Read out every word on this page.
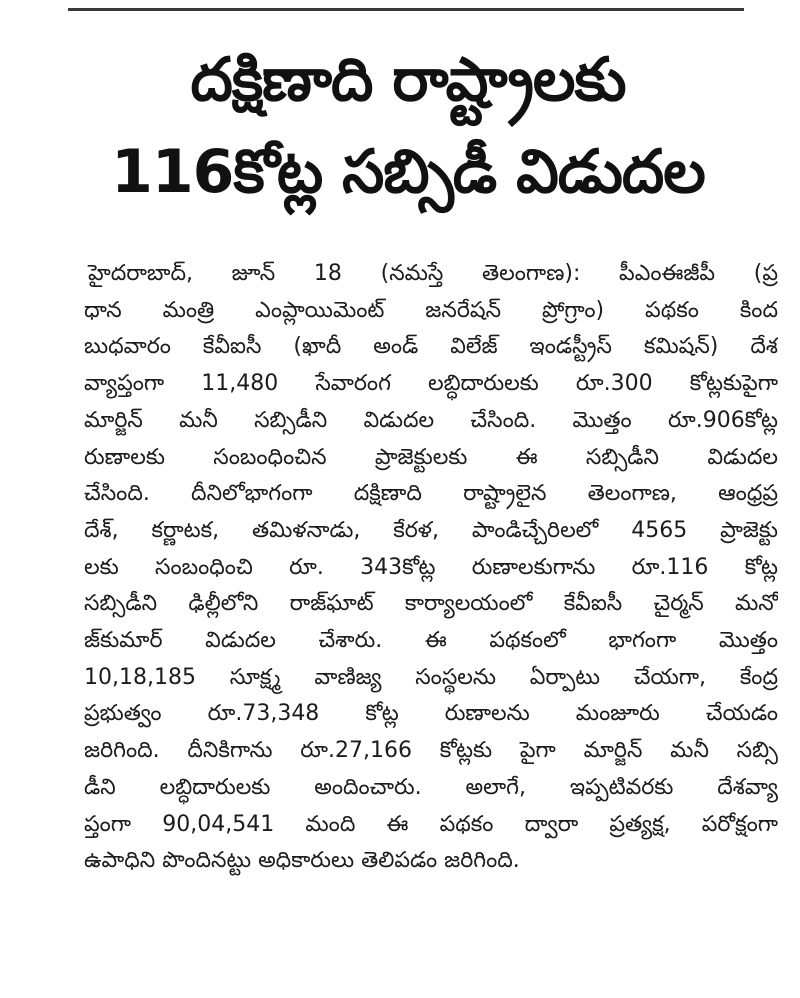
దక్షిణాది రాష్ట్రాలకు
116కోట్ల సబ్సిడీ విడుదల
హైదరాబాద్, జూన్ 18 (నమస్తే తెలంగాణ): పీఎంఈజీపీ (ప్ర
ధాన మంత్రి ఎంప్లాయిమెంట్ జనరేషన్ ప్రోగ్రాం) పథకం కింద
బుధవారం కేవీఐసీ (ఖాదీ అండ్ విలేజ్ ఇండస్ట్రీస్ కమిషన్) దేశ
వ్యాప్తంగా 11,480 సేవారంగ లబ్ధిదారులకు రూ.300 కోట్లకుపైగా
మార్జిన్ మనీ సబ్సిడీని విడుదల చేసింది. మొత్తం రూ.906కోట్ల
రుణాలకు సంబంధించిన ప్రాజెక్టులకు ఈ సబ్సిడీని విడుదల
చేసింది. దీనిలోభాగంగా దక్షిణాది రాష్ట్రాలైన తెలంగాణ, ఆంధ్రప్ర
దేశ్, కర్ణాటక, తమిళనాడు, కేరళ, పాండిచ్చేరిలలో 4565 ప్రాజెక్టు
లకు సంబంధించి రూ. 343కోట్ల రుణాలకుగాను రూ.116 కోట్ల
సబ్సిడీని ఢిల్లీలోని రాజ్‌ఘాట్ కార్యాలయంలో కేవీఐసీ చైర్మన్ మనో
జ్‌కుమార్ విడుదల చేశారు. ఈ పథకంలో భాగంగా మొత్తం
10,18,185 సూక్ష్మ వాణిజ్య సంస్థలను ఏర్పాటు చేయగా, కేంద్ర
ప్రభుత్వం రూ.73,348 కోట్ల రుణాలను మంజూరు చేయడం
జరిగింది. దీనికిగాను రూ.27,166 కోట్లకు పైగా మార్జిన్ మనీ సబ్సి
డీని లబ్ధిదారులకు అందించారు. అలాగే, ఇప్పటివరకు దేశవ్యా
ప్తంగా 90,04,541 మంది ఈ పథకం ద్వారా ప్రత్యక్ష, పరోక్షంగా
ఉపాధిని పొందినట్టు అధికారులు తెలిపడం జరిగింది.
